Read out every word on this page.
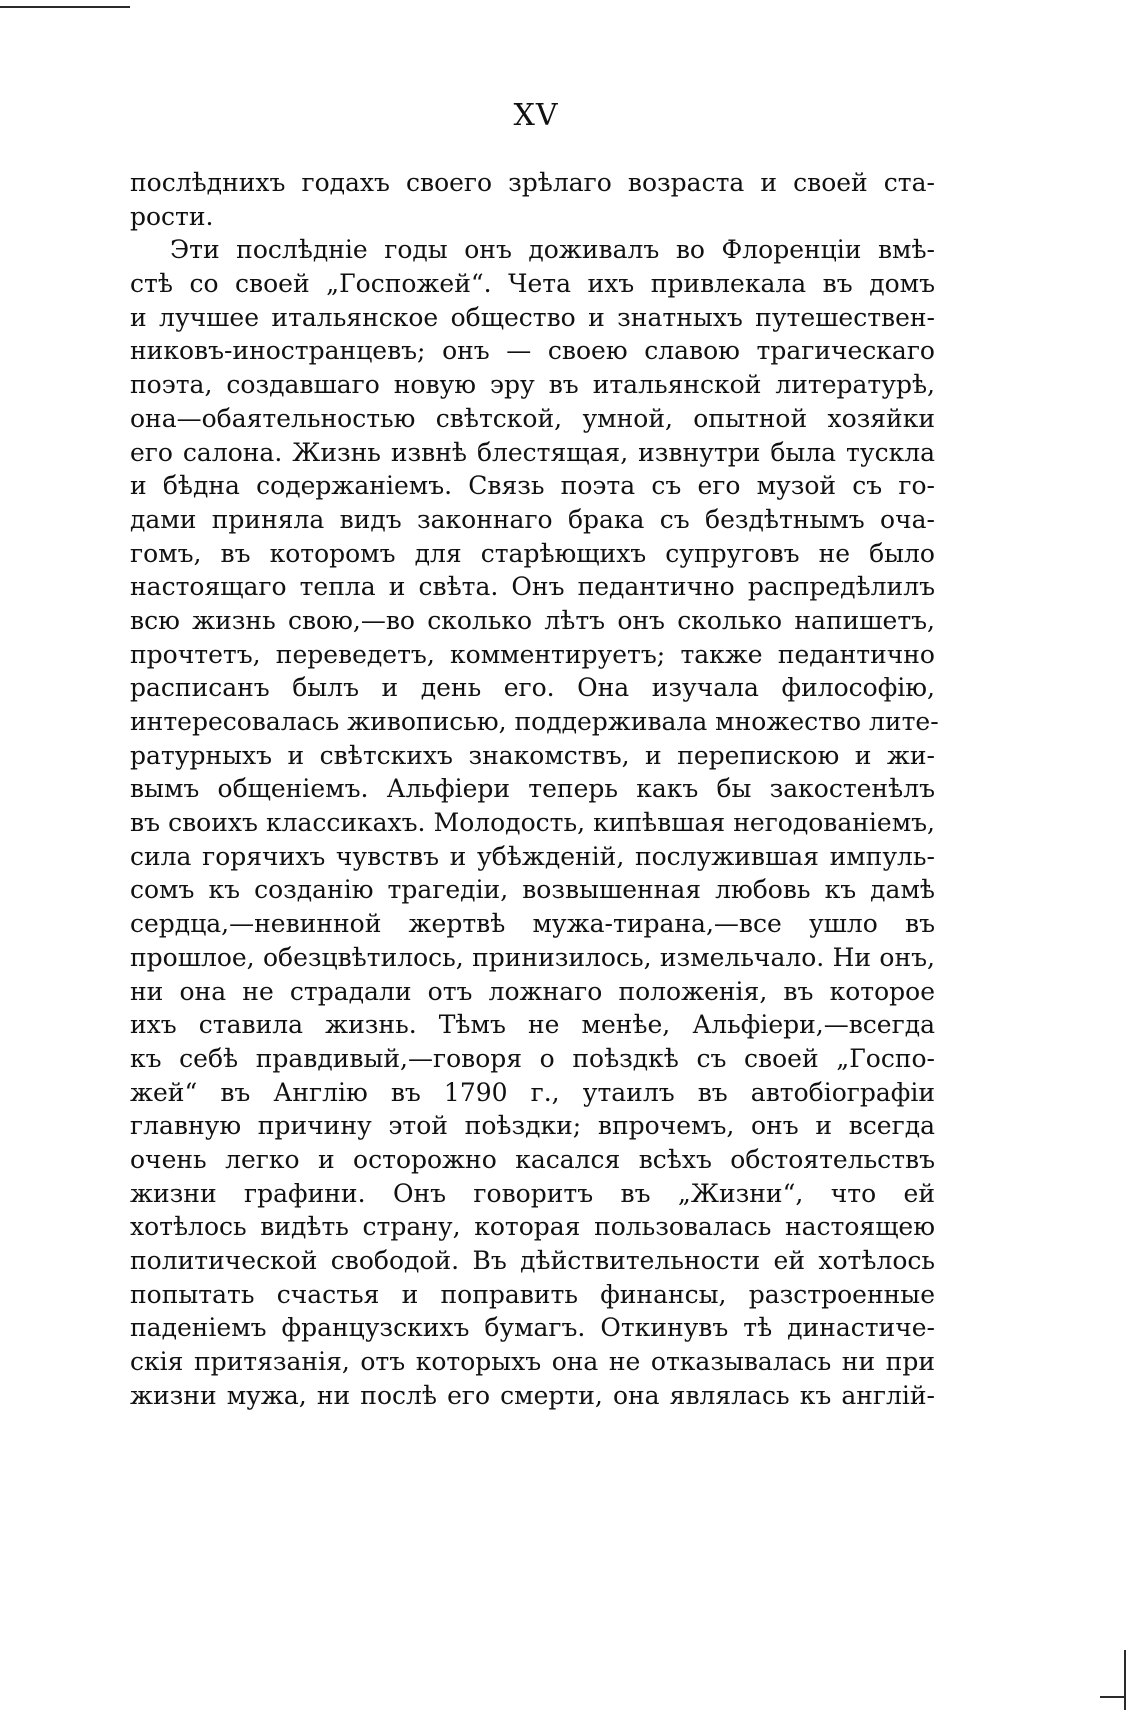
XV
послѣднихъ годахъ своего зрѣлаго возраста и своей ста-
рости.
Эти послѣдніе годы онъ доживалъ во Флоренціи вмѣ-
стѣ со своей „Госпожей“. Чета ихъ привлекала въ домъ
и лучшее итальянское общество и знатныхъ путешествен-
никовъ-иностранцевъ; онъ — своею славою трагическаго
поэта, создавшаго новую эру въ итальянской литературѣ,
она—обаятельностью свѣтской, умной, опытной хозяйки
его салона. Жизнь извнѣ блестящая, извнутри была тускла
и бѣдна содержаніемъ. Связь поэта съ его музой съ го-
дами приняла видъ законнаго брака съ бездѣтнымъ оча-
гомъ, въ которомъ для старѣющихъ супруговъ не было
настоящаго тепла и свѣта. Онъ педантично распредѣлилъ
всю жизнь свою,—во сколько лѣтъ онъ сколько напишетъ,
прочтетъ, переведетъ, комментируетъ; также педантично
расписанъ былъ и день его. Она изучала философію,
интересовалась живописью, поддерживала множество лите-
ратурныхъ и свѣтскихъ знакомствъ, и перепискою и жи-
вымъ общеніемъ. Альфіери теперь какъ бы закостенѣлъ
въ своихъ классикахъ. Молодость, кипѣвшая негодованіемъ,
сила горячихъ чувствъ и убѣжденій, послужившая импуль-
сомъ къ созданію трагедіи, возвышенная любовь къ дамѣ
сердца,—невинной жертвѣ мужа-тирана,—все ушло въ
прошлое, обезцвѣтилось, принизилось, измельчало. Ни онъ,
ни она не страдали отъ ложнаго положенія, въ которое
ихъ ставила жизнь. Тѣмъ не менѣе, Альфіери,—всегда
къ себѣ правдивый,—говоря о поѣздкѣ съ своей „Госпо-
жей“ въ Англію въ 1790 г., утаилъ въ автобіографіи
главную причину этой поѣздки; впрочемъ, онъ и всегда
очень легко и осторожно касался всѣхъ обстоятельствъ
жизни графини. Онъ говоритъ въ „Жизни“, что ей
хотѣлось видѣть страну, которая пользовалась настоящею
политической свободой. Въ дѣйствительности ей хотѣлось
попытать счастья и поправить финансы, разстроенные
паденіемъ французскихъ бумагъ. Откинувъ тѣ династиче-
скія притязанія, отъ которыхъ она не отказывалась ни при
жизни мужа, ни послѣ его смерти, она являлась къ англій-
